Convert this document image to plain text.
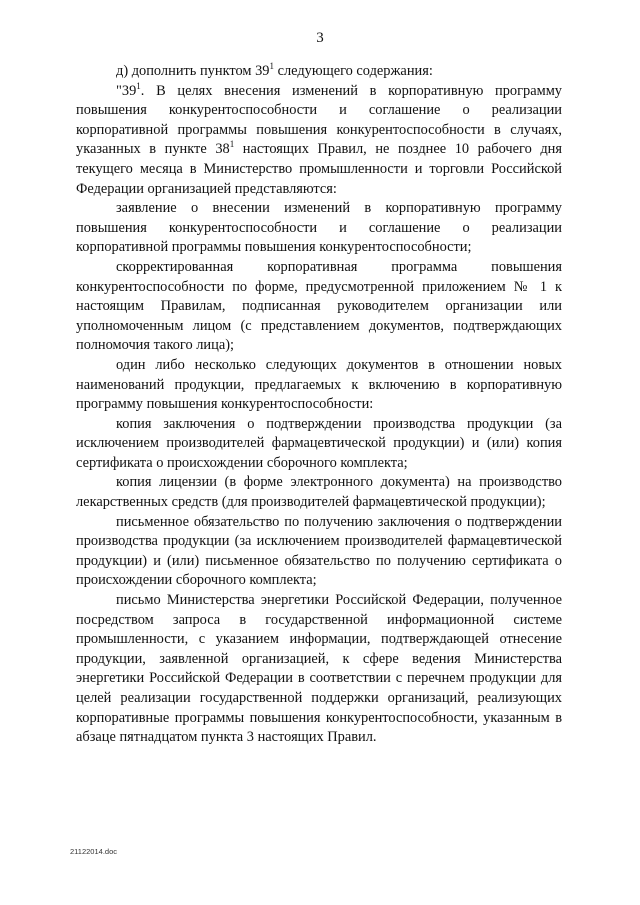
3

д) дополнить пунктом $39^1$ следующего содержания:

"$39^1$. В целях внесения изменений в корпоративную программу повышения конкурентоспособности и соглашение о реализации корпоративной программы повышения конкурентоспособности в случаях, указанных в пункте $38^1$ настоящих Правил, не позднее 10 рабочего дня текущего месяца в Министерство промышленности и торговли Российской Федерации организацией представляются:

заявление о внесении изменений в корпоративную программу повышения конкурентоспособности и соглашение о реализации корпоративной программы повышения конкурентоспособности;

скорректированная корпоративная программа повышения конкурентоспособности по форме, предусмотренной приложением № 1 к настоящим Правилам, подписанная руководителем организации или уполномоченным лицом (с представлением документов, подтверждающих полномочия такого лица);

один либо несколько следующих документов в отношении новых наименований продукции, предлагаемых к включению в корпоративную программу повышения конкурентоспособности:

копия заключения о подтверждении производства продукции (за исключением производителей фармацевтической продукции) и (или) копия сертификата о происхождении сборочного комплекта;

копия лицензии (в форме электронного документа) на производство лекарственных средств (для производителей фармацевтической продукции);

письменное обязательство по получению заключения о подтверждении производства продукции (за исключением производителей фармацевтической продукции) и (или) письменное обязательство по получению сертификата о происхождении сборочного комплекта;

письмо Министерства энергетики Российской Федерации, полученное посредством запроса в государственной информационной системе промышленности, с указанием информации, подтверждающей отнесение продукции, заявленной организацией, к сфере ведения Министерства энергетики Российской Федерации в соответствии с перечнем продукции для целей реализации государственной поддержки организаций, реализующих корпоративные программы повышения конкурентоспособности, указанным в абзаце пятнадцатом пункта 3 настоящих Правил.

21122014.doc
